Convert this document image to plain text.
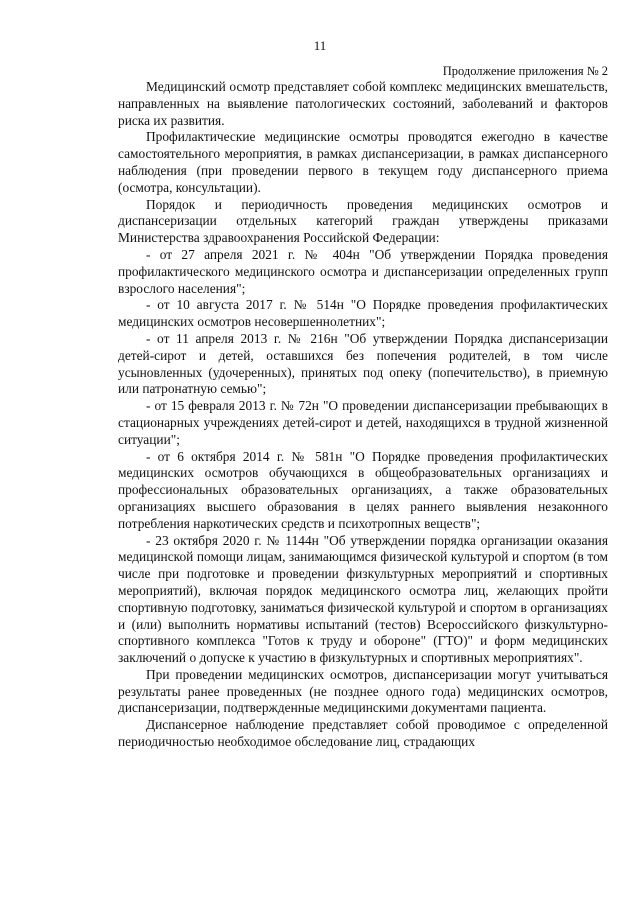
11
Продолжение приложения № 2

Медицинский осмотр представляет собой комплекс медицинских вмешательств, направленных на выявление патологических состояний, заболеваний и факторов риска их развития.

Профилактические медицинские осмотры проводятся ежегодно в качестве самостоятельного мероприятия, в рамках диспансеризации, в рамках диспансерного наблюдения (при проведении первого в текущем году диспансерного приема (осмотра, консультации).

Порядок и периодичность проведения медицинских осмотров и диспансеризации отдельных категорий граждан утверждены приказами Министерства здравоохранения Российской Федерации:

- от 27 апреля 2021 г. № 404н "Об утверждении Порядка проведения профилактического медицинского осмотра и диспансеризации определенных групп взрослого населения";

- от 10 августа 2017 г. № 514н "О Порядке проведения профилактических медицинских осмотров несовершеннолетних";

- от 11 апреля 2013 г. № 216н "Об утверждении Порядка диспансеризации детей-сирот и детей, оставшихся без попечения родителей, в том числе усыновленных (удочеренных), принятых под опеку (попечительство), в приемную или патронатную семью";

- от 15 февраля 2013 г. № 72н "О проведении диспансеризации пребывающих в стационарных учреждениях детей-сирот и детей, находящихся в трудной жизненной ситуации";

- от 6 октября 2014 г. № 581н "О Порядке проведения профилактических медицинских осмотров обучающихся в общеобразовательных организациях и профессиональных образовательных организациях, а также образовательных организациях высшего образования в целях раннего выявления незаконного потребления наркотических средств и психотропных веществ";

- 23 октября 2020 г. № 1144н "Об утверждении порядка организации оказания медицинской помощи лицам, занимающимся физической культурой и спортом (в том числе при подготовке и проведении физкультурных мероприятий и спортивных мероприятий), включая порядок медицинского осмотра лиц, желающих пройти спортивную подготовку, заниматься физической культурой и спортом в организациях и (или) выполнить нормативы испытаний (тестов) Всероссийского физкультурно-спортивного комплекса "Готов к труду и обороне" (ГТО)" и форм медицинских заключений о допуске к участию в физкультурных и спортивных мероприятиях".

При проведении медицинских осмотров, диспансеризации могут учитываться результаты ранее проведенных (не позднее одного года) медицинских осмотров, диспансеризации, подтвержденные медицинскими документами пациента.

Диспансерное наблюдение представляет собой проводимое с определенной периодичностью необходимое обследование лиц, страдающих
